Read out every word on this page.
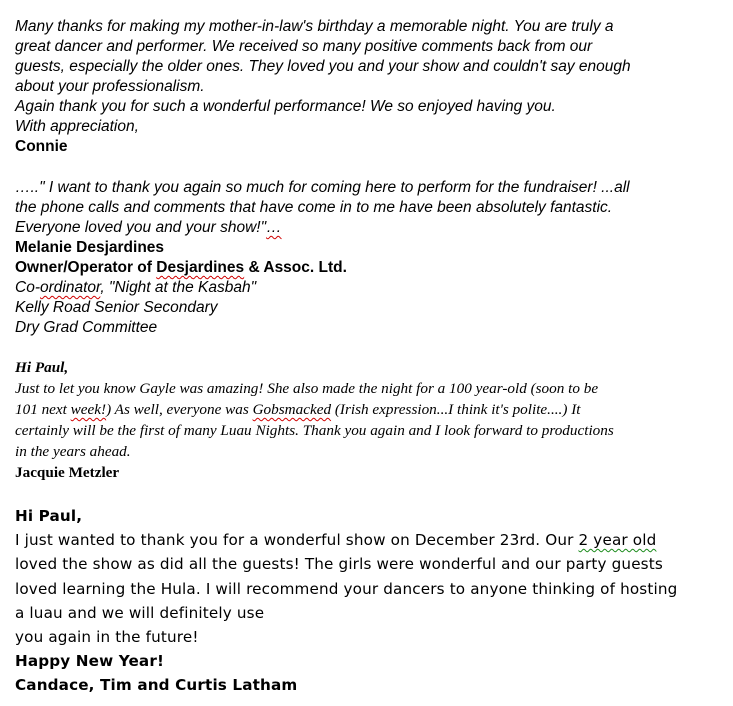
Many thanks for making my mother-in-law's birthday a memorable night. You are truly a
great dancer and performer. We received so many positive comments back from our
guests, especially the older ones. They loved you and your show and couldn't say enough
about your professionalism.
Again thank you for such a wonderful performance! We so enjoyed having you.
With appreciation,
Connie
….." I want to thank you again so much for coming here to perform for the fundraiser! ...all
the phone calls and comments that have come in to me have been absolutely fantastic.
Everyone loved you and your show!"…
Melanie Desjardines
Owner/Operator of Desjardines & Assoc. Ltd.
Co-ordinator, "Night at the Kasbah"
Kelly Road Senior Secondary
Dry Grad Committee
Hi Paul,
Just to let you know Gayle was amazing! She also made the night for a 100 year-old (soon to be
101 next week!) As well, everyone was Gobsmacked (Irish expression...I think it's polite....) It
certainly will be the first of many Luau Nights. Thank you again and I look forward to productions
in the years ahead.
Jacquie Metzler
Hi Paul,
I just wanted to thank you for a wonderful show on December 23rd. Our 2 year old
loved the show as did all the guests! The girls were wonderful and our party guests
loved learning the Hula. I will recommend your dancers to anyone thinking of hosting
a luau and we will definitely use
you again in the future!
Happy New Year!
Candace, Tim and Curtis Latham
